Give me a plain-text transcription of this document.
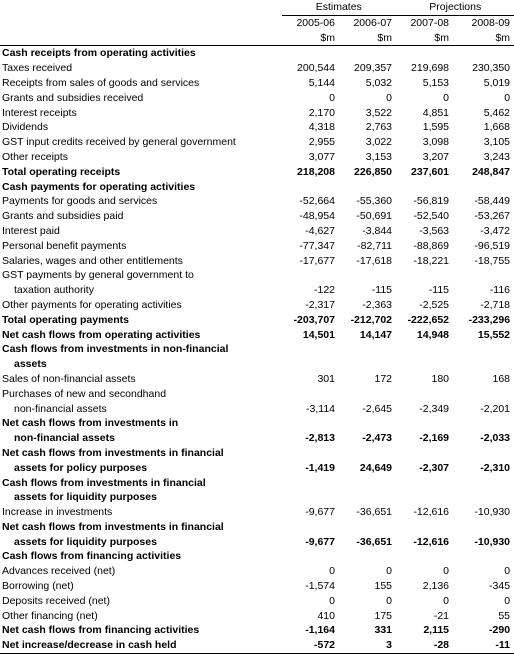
	Estimates		Projections	
	2005-06	2006-07	2007-08	2008-09
	$m	$m	$m	$m
Cash receipts from operating activities				
Taxes received	200,544	209,357	219,698	230,350
Receipts from sales of goods and services	5,144	5,032	5,153	5,019
Grants and subsidies received	0	0	0	0
Interest receipts	2,170	3,522	4,851	5,462
Dividends	4,318	2,763	1,595	1,668
GST input credits received by general government	2,955	3,022	3,098	3,105
Other receipts	3,077	3,153	3,207	3,243
Total operating receipts	218,208	226,850	237,601	248,847
Cash payments for operating activities				
Payments for goods and services	-52,664	-55,360	-56,819	-58,449
Grants and subsidies paid	-48,954	-50,691	-52,540	-53,267
Interest paid	-4,627	-3,844	-3,563	-3,472
Personal benefit payments	-77,347	-82,711	-88,869	-96,519
Salaries, wages and other entitlements	-17,677	-17,618	-18,221	-18,755
GST payments by general government to				
taxation authority	-122	-115	-115	-116
Other payments for operating activities	-2,317	-2,363	-2,525	-2,718
Total operating payments	-203,707	-212,702	-222,652	-233,296
Net cash flows from operating activities	14,501	14,147	14,948	15,552
Cash flows from investments in non-financial				
assets				
Sales of non-financial assets	301	172	180	168
Purchases of new and secondhand				
non-financial assets	-3,114	-2,645	-2,349	-2,201
Net cash flows from investments in				
non-financial assets	-2,813	-2,473	-2,169	-2,033
Net cash flows from investments in financial				
assets for policy purposes	-1,419	24,649	-2,307	-2,310
Cash flows from investments in financial				
assets for liquidity purposes				
Increase in investments	-9,677	-36,651	-12,616	-10,930
Net cash flows from investments in financial				
assets for liquidity purposes	-9,677	-36,651	-12,616	-10,930
Cash flows from financing activities				
Advances received (net)	0	0	0	0
Borrowing (net)	-1,574	155	2,136	-345
Deposits received (net)	0	0	0	0
Other financing (net)	410	175	-21	55
Net cash flows from financing activities	-1,164	331	2,115	-290
Net increase/decrease in cash held	-572	3	-28	-11
